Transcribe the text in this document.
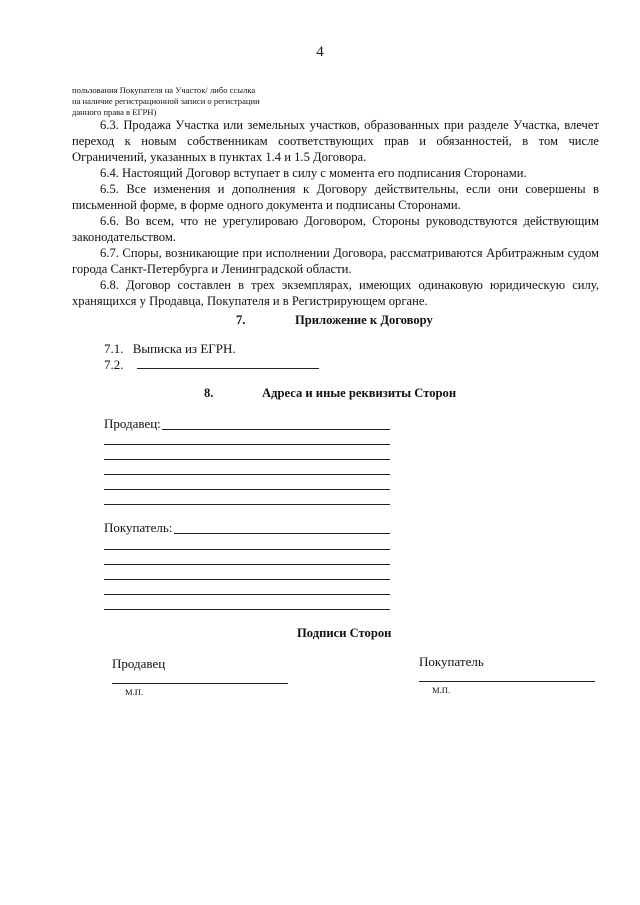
4
пользования Покупателя на Участок/ либо ссылка
на наличие регистрационной записи о регистрации
данного права в ЕГРН)
6.3. Продажа Участка или земельных участков, образованных при разделе Участка, влечет переход к новым собственникам соответствующих прав и обязанностей, в том числе Ограничений, указанных в пунктах 1.4 и 1.5 Договора.
6.4. Настоящий Договор вступает в силу с момента его подписания Сторонами.
6.5. Все изменения и дополнения к Договору действительны, если они совершены в письменной форме, в форме одного документа и подписаны Сторонами.
6.6. Во всем, что не урегулироваю Договором, Стороны руководствуются действующим законодательством.
6.7. Споры, возникающие при исполнении Договора, рассматриваются Арбитражным судом города Санкт-Петербурга и Ленинградской области.
6.8. Договор составлен в трех экземплярах, имеющих одинаковую юридическую силу, хранящихся у Продавца, Покупателя и в Регистрирующем органе.
7.	Приложение к Договору
7.1. Выписка из ЕГРН.
7.2.
8.	Адреса и иные реквизиты Сторон
Продавец:
Покупатель:
Подписи Сторон
Продавец	Покупатель
М.П.	М.П.
